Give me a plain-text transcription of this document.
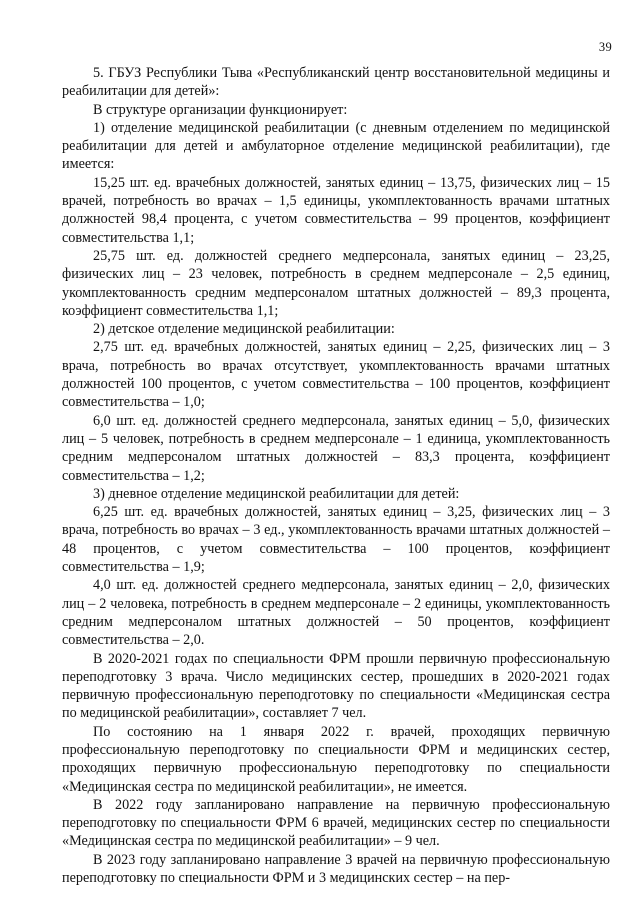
39

5. ГБУЗ Республики Тыва «Республиканский центр восстановительной медицины и реабилитации для детей»:

В структуре организации функционирует:

1) отделение медицинской реабилитации (с дневным отделением по медицинской реабилитации для детей и амбулаторное отделение медицинской реабилитации), где имеется:

15,25 шт. ед. врачебных должностей, занятых единиц – 13,75, физических лиц – 15 врачей, потребность во врачах – 1,5 единицы, укомплектованность врачами штатных должностей 98,4 процента, с учетом совместительства – 99 процентов, коэффициент совместительства 1,1;

25,75 шт. ед. должностей среднего медперсонала, занятых единиц – 23,25, физических лиц – 23 человек, потребность в среднем медперсонале – 2,5 единиц, укомплектованность средним медперсоналом штатных должностей – 89,3 процента, коэффициент совместительства 1,1;

2) детское отделение медицинской реабилитации:

2,75 шт. ед. врачебных должностей, занятых единиц – 2,25, физических лиц – 3 врача, потребность во врачах отсутствует, укомплектованность врачами штатных должностей 100 процентов, с учетом совместительства – 100 процентов, коэффициент совместительства – 1,0;

6,0 шт. ед. должностей среднего медперсонала, занятых единиц – 5,0, физических лиц – 5 человек, потребность в среднем медперсонале – 1 единица, укомплектованность средним медперсоналом штатных должностей – 83,3 процента, коэффициент совместительства – 1,2;

3) дневное отделение медицинской реабилитации для детей:

6,25 шт. ед. врачебных должностей, занятых единиц – 3,25, физических лиц – 3 врача, потребность во врачах – 3 ед., укомплектованность врачами штатных должностей – 48 процентов, с учетом совместительства – 100 процентов, коэффициент совместительства – 1,9;

4,0 шт. ед. должностей среднего медперсонала, занятых единиц – 2,0, физических лиц – 2 человека, потребность в среднем медперсонале – 2 единицы, укомплектованность средним медперсоналом штатных должностей – 50 процентов, коэффициент совместительства – 2,0.

В 2020-2021 годах по специальности ФРМ прошли первичную профессиональную переподготовку 3 врача. Число медицинских сестер, прошедших в 2020-2021 годах первичную профессиональную переподготовку по специальности «Медицинская сестра по медицинской реабилитации», составляет 7 чел.

По состоянию на 1 января 2022 г. врачей, проходящих первичную профессиональную переподготовку по специальности ФРМ и медицинских сестер, проходящих первичную профессиональную переподготовку по специальности «Медицинская сестра по медицинской реабилитации», не имеется.

В 2022 году запланировано направление на первичную профессиональную переподготовку по специальности ФРМ 6 врачей, медицинских сестер по специальности «Медицинская сестра по медицинской реабилитации» – 9 чел.

В 2023 году запланировано направление 3 врачей на первичную профессиональную переподготовку по специальности ФРМ и 3 медицинских сестер – на пер-
